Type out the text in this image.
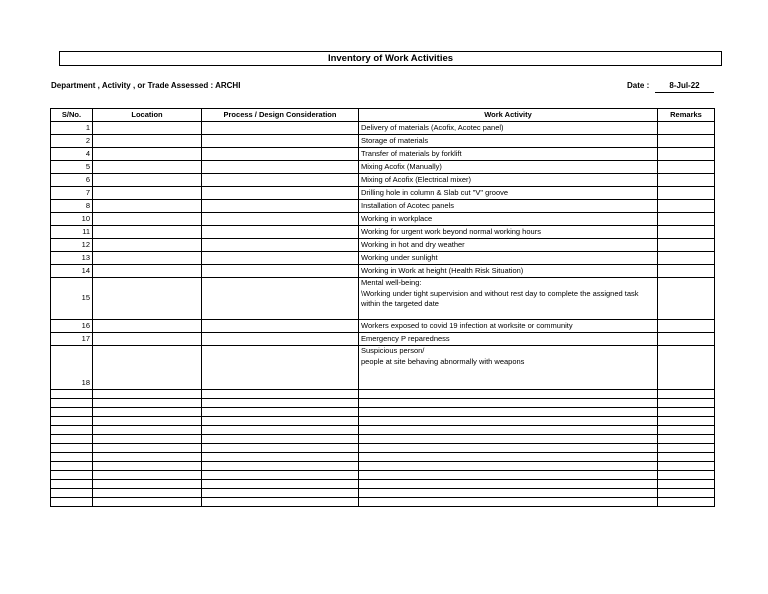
Inventory of Work Activities
Department , Activity , or Trade Assessed : ARCHI	Date :	8-Jul-22
S/No.	Location	Process / Design Consideration	Work Activity	Remarks
1			Delivery of materials (Acofix, Acotec panel)	
2			Storage of materials	
4			Transfer of materials by forklift	
5			Mixing Acofix (Manually)	
6			Mixing of Acofix (Electrical mixer)	
7			Drilling hole in column & Slab cut "V" groove	
8			Installation of Acotec panels	
10			Working in workplace	
11			Working for urgent work beyond normal working hours	
12			Working in hot and dry weather	
13			Working under sunlight	
14			Working in Work at height (Health Risk Situation)	
15			Mental well-being:
\Working under tight supervision and without rest day to complete the assigned task within the targeted date	
16			Workers exposed to covid 19 infection at worksite or community	
17			Emergency P reparedness	
18			Suspicious person/
people at site behaving abnormally with weapons	
